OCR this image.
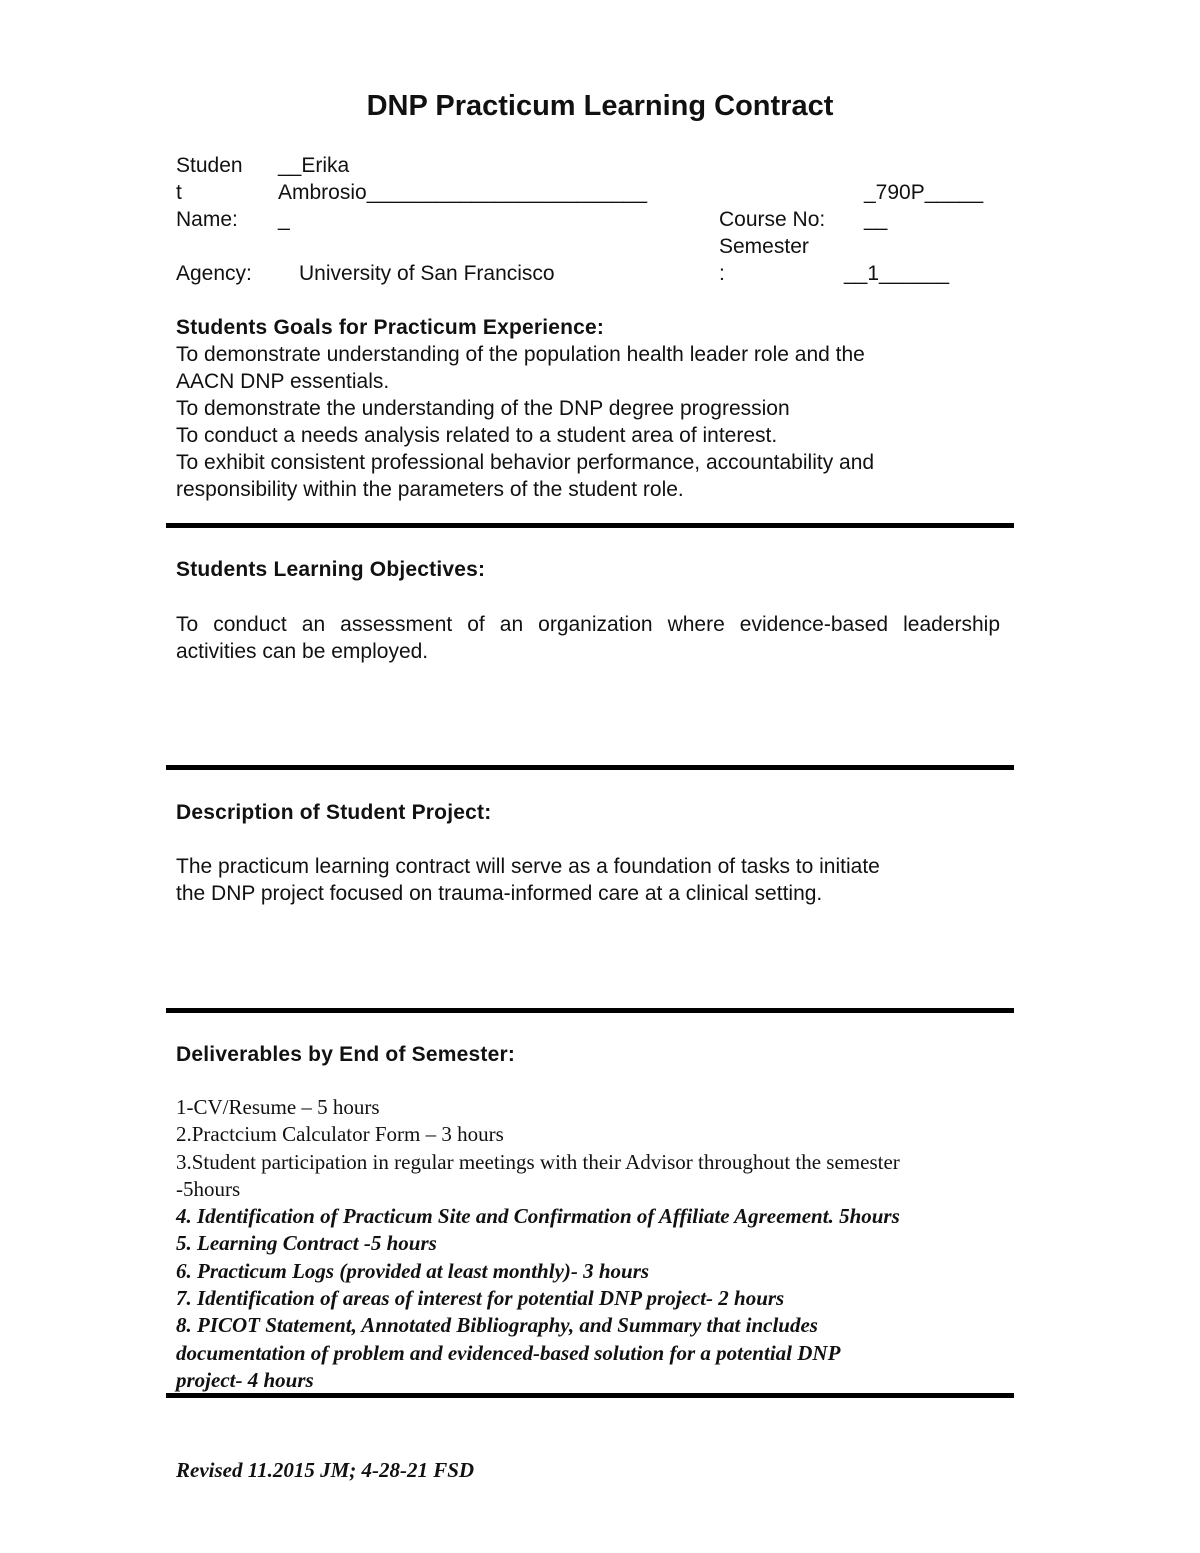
DNP Practicum Learning Contract
Studen
t
Name:
__Erika
Ambrosio________________________
_
Agency: University of San Francisco
Course No:
_790P_____
__
Semester
:	__1______
Students Goals for Practicum Experience:
To demonstrate understanding of the population health leader role and the
AACN DNP essentials.
To demonstrate the understanding of the DNP degree progression
To conduct a needs analysis related to a student area of interest.
To exhibit consistent professional behavior performance, accountability and
responsibility within the parameters of the student role.
Students Learning Objectives:
To conduct an assessment of an organization where evidence-based leadership activities can be employed.
Description of Student Project:
The practicum learning contract will serve as a foundation of tasks to initiate
the DNP project focused on trauma-informed care at a clinical setting.
Deliverables by End of Semester:
1-CV/Resume – 5 hours
2.Practcium Calculator Form – 3 hours
3.Student participation in regular meetings with their Advisor throughout the semester
-5hours
4. Identification of Practicum Site and Confirmation of Affiliate Agreement. 5hours
5. Learning Contract -5 hours
6. Practicum Logs (provided at least monthly)- 3 hours
7. Identification of areas of interest for potential DNP project- 2 hours
8. PICOT Statement, Annotated Bibliography, and Summary that includes
documentation of problem and evidenced-based solution for a potential DNP
project- 4 hours
Revised 11.2015 JM; 4-28-21 FSD
